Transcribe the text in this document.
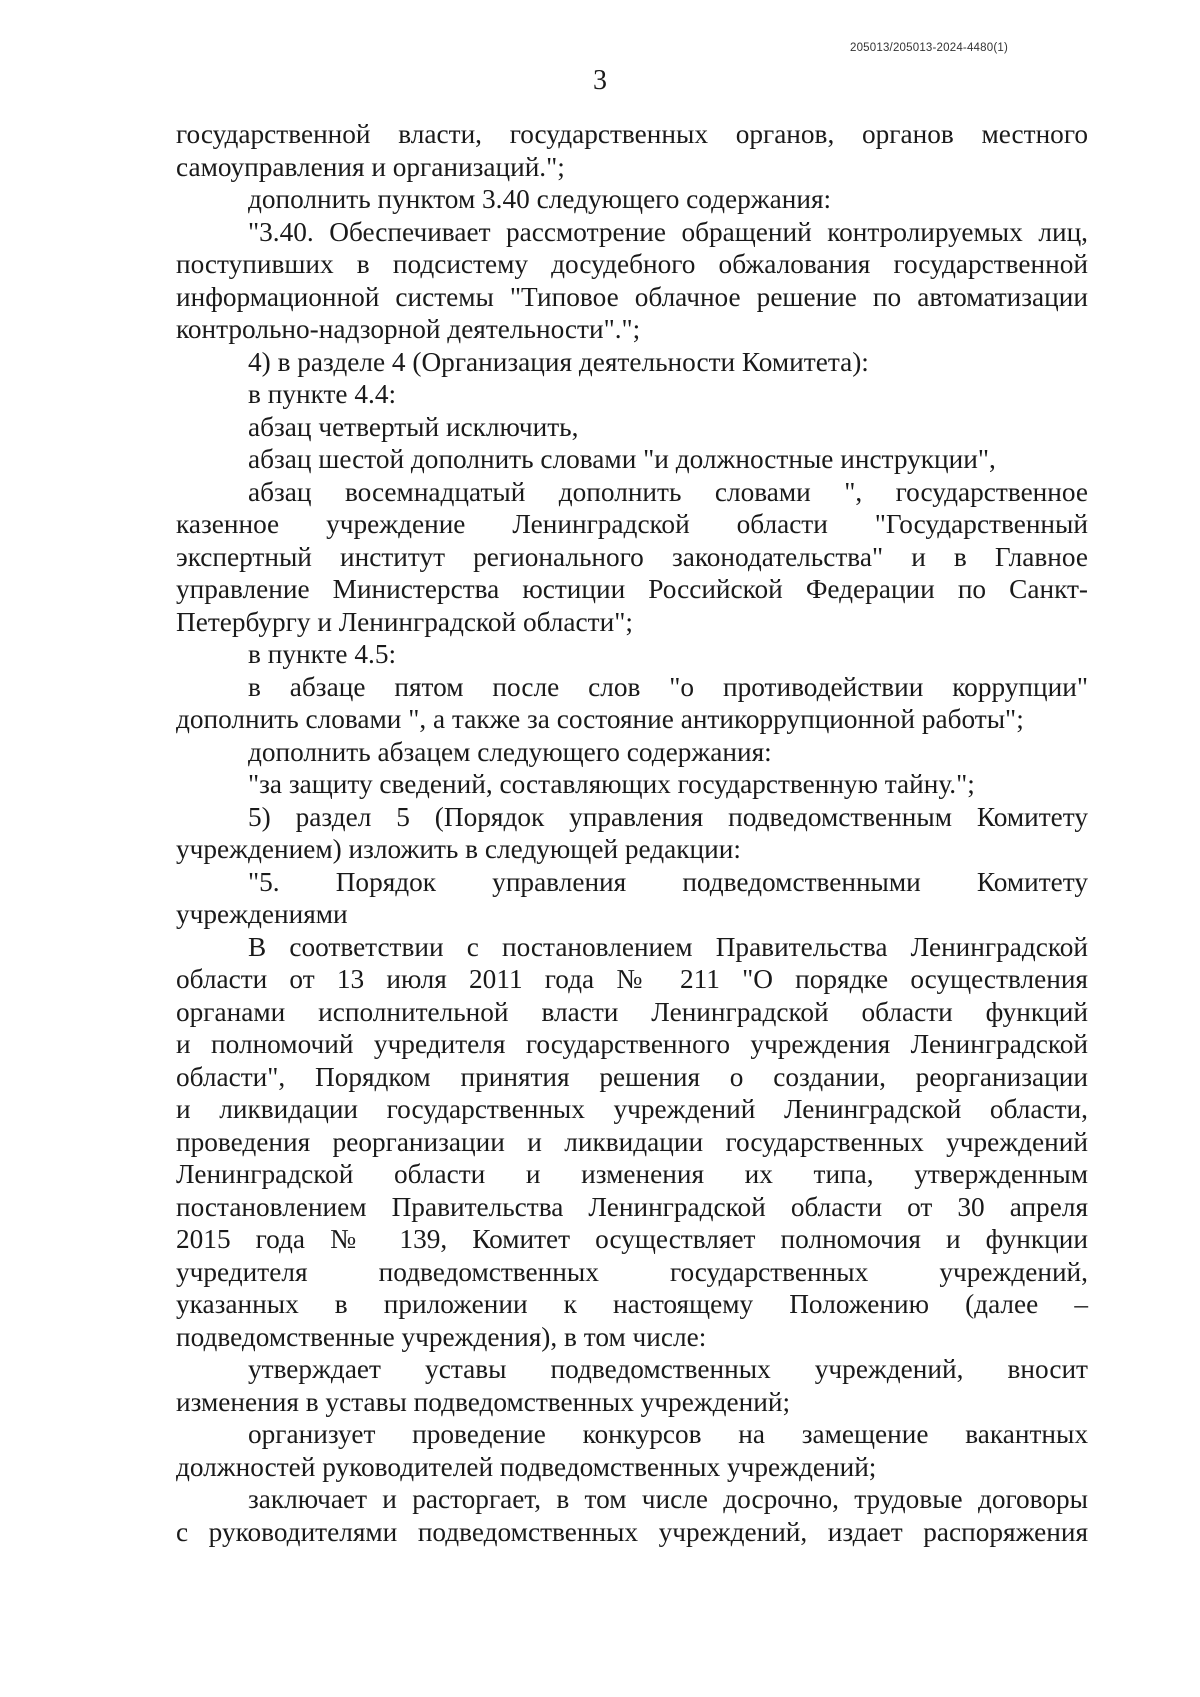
205013/205013-2024-4480(1)
3
государственной власти, государственных органов, органов местного
самоуправления и организаций.";
дополнить пунктом 3.40 следующего содержания:
"3.40. Обеспечивает рассмотрение обращений контролируемых лиц,
поступивших в подсистему досудебного обжалования государственной
информационной системы "Типовое облачное решение по автоматизации
контрольно-надзорной деятельности".";
4) в разделе 4 (Организация деятельности Комитета):
в пункте 4.4:
абзац четвертый исключить,
абзац шестой дополнить словами "и должностные инструкции",
абзац восемнадцатый дополнить словами ", государственное
казенное учреждение Ленинградской области "Государственный
экспертный институт регионального законодательства" и в Главное
управление Министерства юстиции Российской Федерации по Санкт-
Петербургу и Ленинградской области";
в пункте 4.5:
в абзаце пятом после слов "о противодействии коррупции"
дополнить словами ", а также за состояние антикоррупционной работы";
дополнить абзацем следующего содержания:
"за защиту сведений, составляющих государственную тайну.";
5) раздел 5 (Порядок управления подведомственным Комитету
учреждением) изложить в следующей редакции:
"5. Порядок управления подведомственными Комитету
учреждениями
В соответствии с постановлением Правительства Ленинградской
области от 13 июля 2011 года № 211 "О порядке осуществления
органами исполнительной власти Ленинградской области функций
и полномочий учредителя государственного учреждения Ленинградской
области", Порядком принятия решения о создании, реорганизации
и ликвидации государственных учреждений Ленинградской области,
проведения реорганизации и ликвидации государственных учреждений
Ленинградской области и изменения их типа, утвержденным
постановлением Правительства Ленинградской области от 30 апреля
2015 года № 139, Комитет осуществляет полномочия и функции
учредителя подведомственных государственных учреждений,
указанных в приложении к настоящему Положению (далее –
подведомственные учреждения), в том числе:
утверждает уставы подведомственных учреждений, вносит
изменения в уставы подведомственных учреждений;
организует проведение конкурсов на замещение вакантных
должностей руководителей подведомственных учреждений;
заключает и расторгает, в том числе досрочно, трудовые договоры
с руководителями подведомственных учреждений, издает распоряжения
